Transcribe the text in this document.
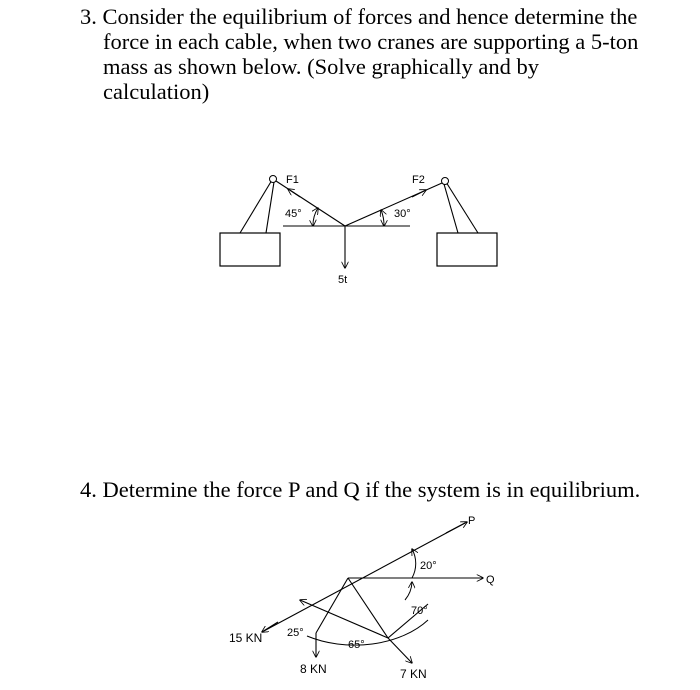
3. Consider the equilibrium of forces and hence determine the
force in each cable, when two cranes are supporting a 5-ton
mass as shown below. (Solve graphically and by
calculation)
F1	F2
45°	30°
5t
P
Q
20°
70°
65°
25°
15 KN
8 KN	7 KN
4. Determine the force P and Q if the system is in equilibrium.
